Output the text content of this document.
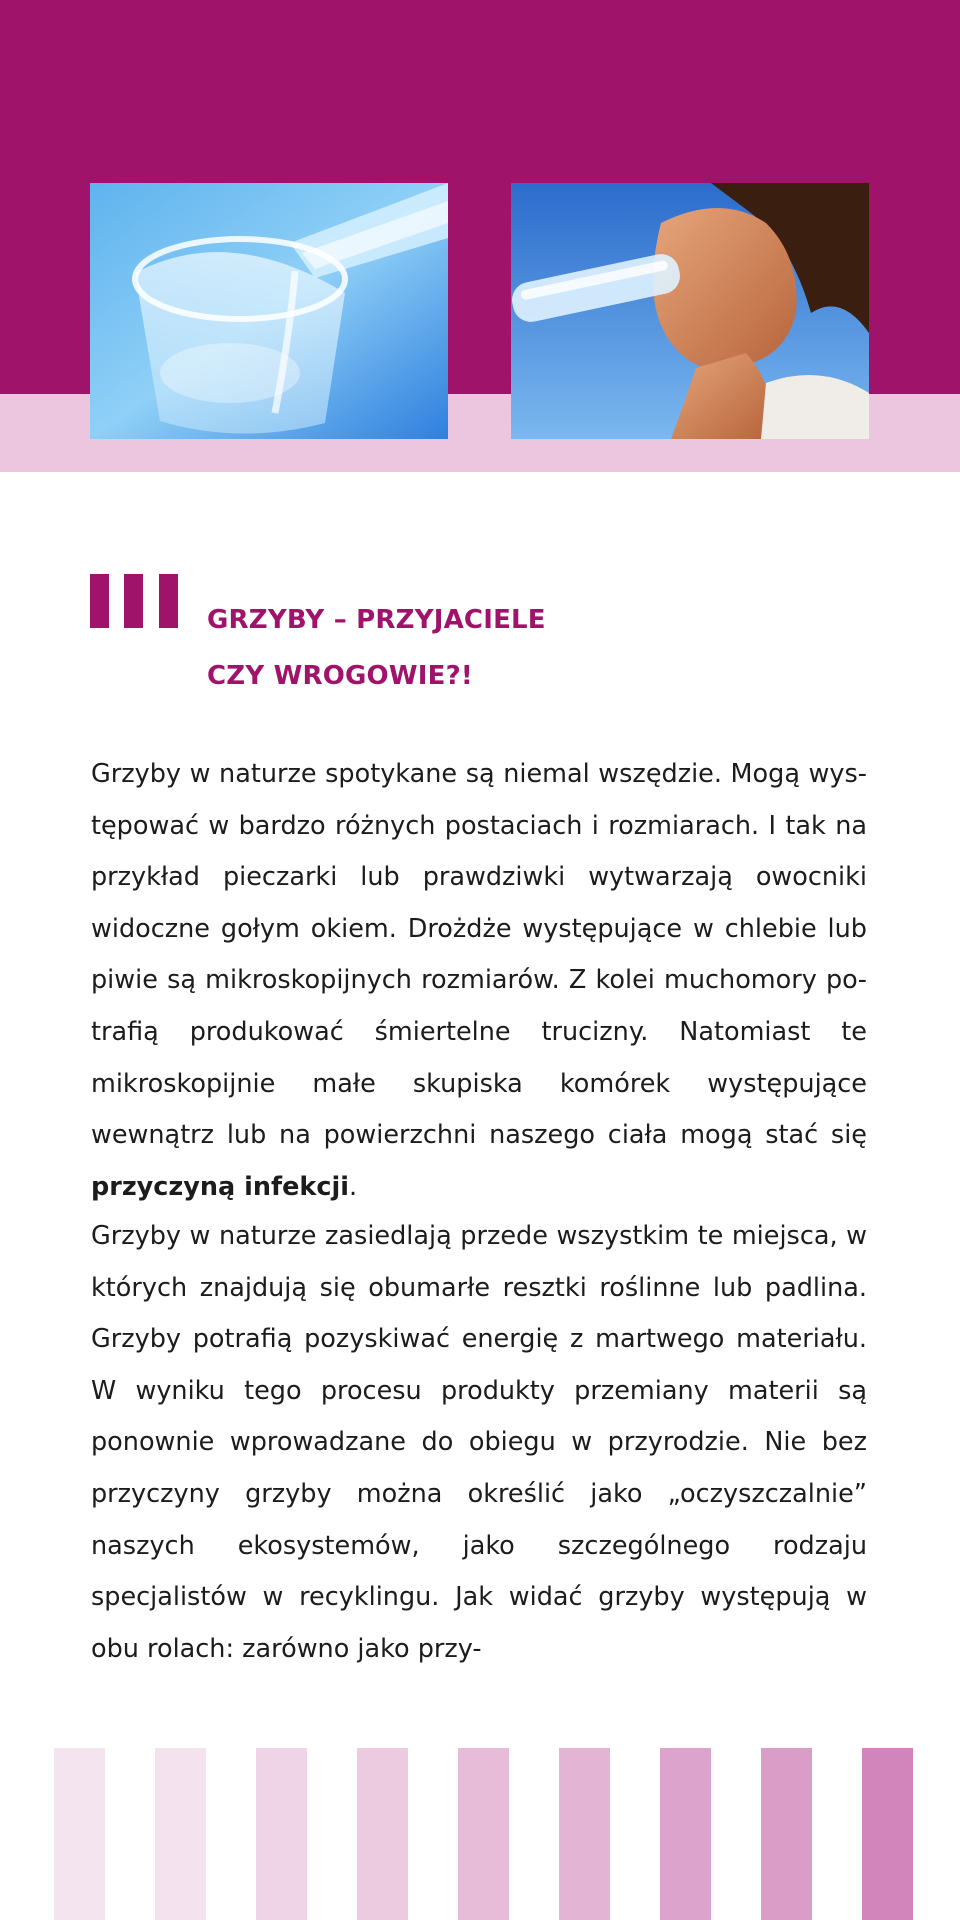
GRZYBY – PRZYJACIELE
CZY WROGOWIE?!

Grzyby w naturze spotykane są niemal wszędzie. Mogą występować w bardzo różnych postaciach i rozmiarach. I tak na przykład pieczarki lub prawdziwki wytwarzają owocniki widoczne gołym okiem. Drożdże występujące w chlebie lub piwie są mikroskopijnych rozmiarów. Z kolei muchomory potrafią produkować śmiertelne trucizny. Natomiast te mikroskopijnie małe skupiska komórek występujące wewnątrz lub na powierzchni naszego ciała mogą stać się przyczyną infekcji.

Grzyby w naturze zasiedlają przede wszystkim te miejsca, w których znajdują się obumarłe resztki roślinne lub padlina. Grzyby potrafią pozyskiwać energię z martwego materiału. W wyniku tego procesu produkty przemiany materii są ponownie wprowadzane do obiegu w przyrodzie. Nie bez przyczyny grzyby można określić jako „oczyszczalnie” naszych ekosystemów, jako szczególnego rodzaju specjalistów w recyklingu. Jak widać grzyby występują w obu rolach: zarówno jako przy-
